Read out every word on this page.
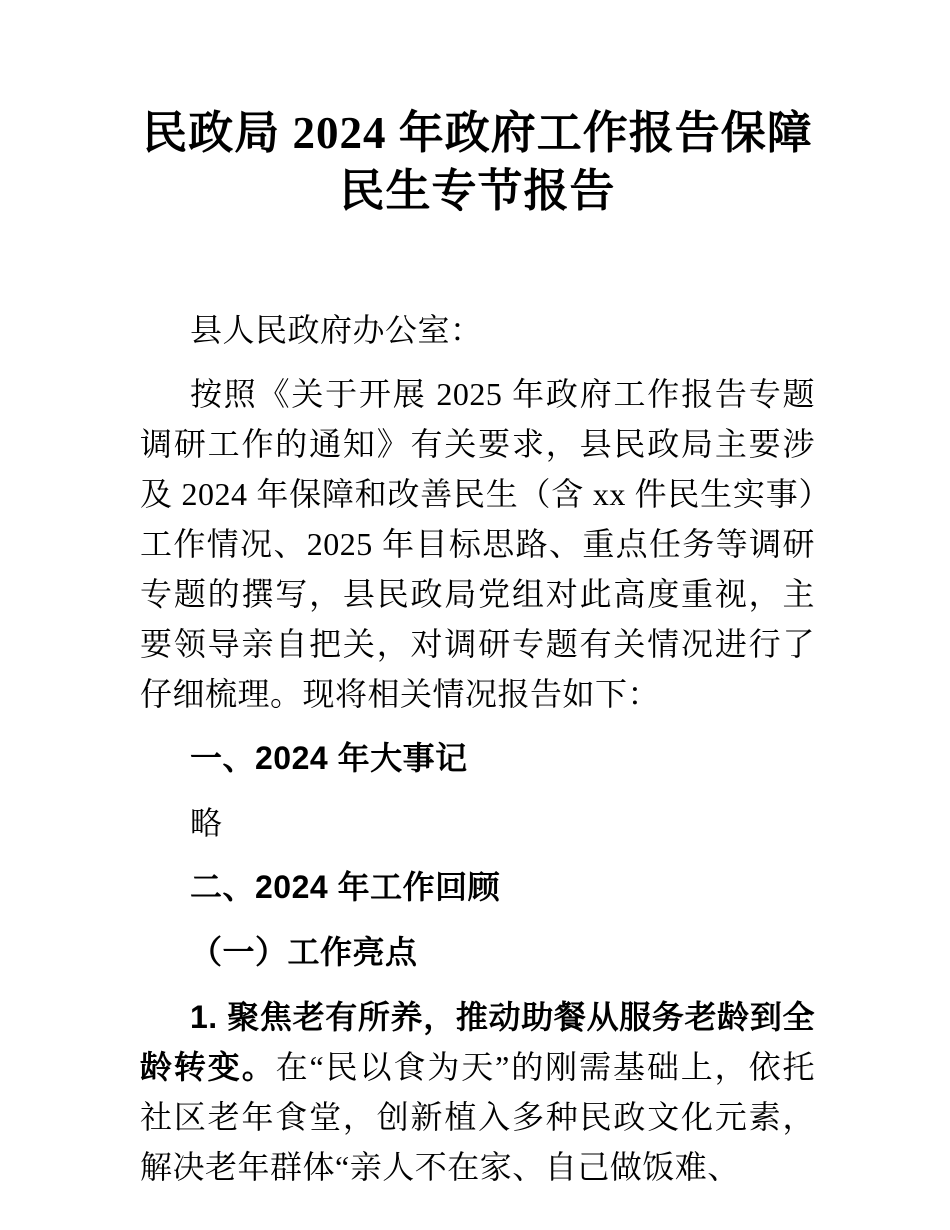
民政局 2024 年政府工作报告保障民生专节报告

县人民政府办公室：

按照《关于开展 2025 年政府工作报告专题调研工作的通知》有关要求，县民政局主要涉及 2024 年保障和改善民生（含 xx 件民生实事）工作情况、2025 年目标思路、重点任务等调研专题的撰写，县民政局党组对此高度重视，主要领导亲自把关，对调研专题有关情况进行了仔细梳理。现将相关情况报告如下：

一、2024 年大事记

略

二、2024 年工作回顾

（一）工作亮点

1. 聚焦老有所养，推动助餐从服务老龄到全龄转变。在“民以食为天”的刚需基础上，依托社区老年食堂，创新植入多种民政文化元素，解决老年群体“亲人不在家、自己做饭难、
